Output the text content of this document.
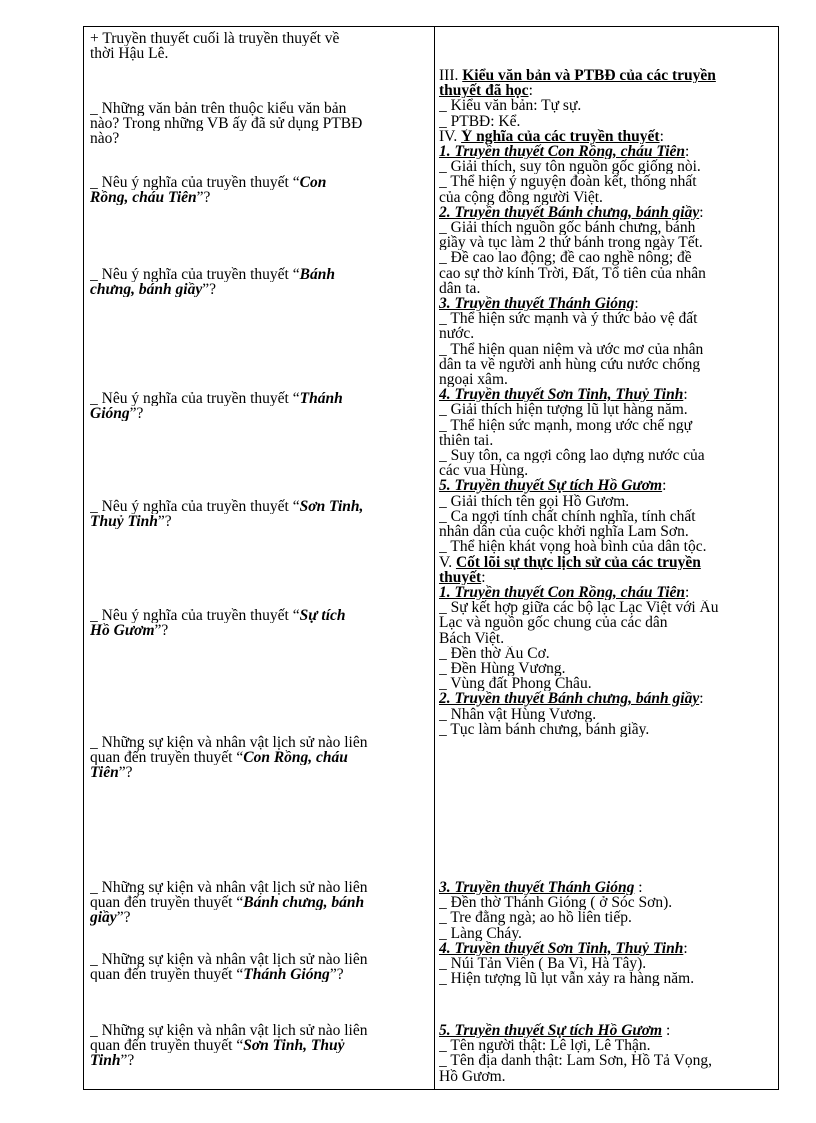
+ Truyền thuyết cuối là truyền thuyết về
thời Hậu Lê.
_ Những văn bản trên thuộc kiểu văn bản
nào? Trong những VB ấy đã sử dụng PTBĐ
nào?
_ Nêu ý nghĩa của truyền thuyết “Con
Rồng, cháu Tiên”?
_ Nêu ý nghĩa của truyền thuyết “Bánh
chưng, bánh giầy”?
_ Nêu ý nghĩa của truyền thuyết “Thánh
Gióng”?
_ Nêu ý nghĩa của truyền thuyết “Sơn Tinh,
Thuỷ Tinh”?
_ Nêu ý nghĩa của truyền thuyết “Sự tích
Hồ Gươm”?
_ Những sự kiện và nhân vật lịch sử nào liên
quan đến truyền thuyết “Con Rồng, cháu
Tiên”?
_ Những sự kiện và nhân vật lịch sử nào liên
quan đến truyền thuyết “Bánh chưng, bánh
giầy”?
_ Những sự kiện và nhân vật lịch sử nào liên
quan đến truyền thuyết “Thánh Gióng”?
_ Những sự kiện và nhân vật lịch sử nào liên
quan đến truyền thuyết “Sơn Tinh, Thuỷ
Tinh”?
III. Kiểu văn bản và PTBĐ của các truyền
thuyết đã học:
_ Kiểu văn bản: Tự sự.
_ PTBĐ: Kể.
IV. Ý nghĩa của các truyền thuyết:
1. Truyền thuyết Con Rồng, cháu Tiên:
_ Giải thích, suy tôn nguồn gốc giống nòi.
_ Thể hiện ý nguyện đoàn kết, thống nhất
của cộng đồng người Việt.
2. Truyền thuyết Bánh chưng, bánh giầy:
_ Giải thích nguồn gốc bánh chưng, bánh
giầy và tục làm 2 thứ bánh trong ngày Tết.
_ Đề cao lao động; đề cao nghề nông; đề
cao sự thờ kính Trời, Đất, Tổ tiên của nhân
dân ta.
3. Truyền thuyết Thánh Gióng:
_ Thể hiện sức mạnh và ý thức bảo vệ đất
nước.
_ Thể hiện quan niệm và ước mơ của nhân
dân ta về người anh hùng cứu nước chống
ngoại xâm.
4. Truyền thuyết Sơn Tinh, Thuỷ Tinh:
_ Giải thích hiện tượng lũ lụt hàng năm.
_ Thể hiện sức mạnh, mong ước chế ngự
thiên tai.
_ Suy tôn, ca ngợi công lao dựng nước của
các vua Hùng.
5. Truyền thuyết Sự tích Hồ Gươm:
_ Giải thích tên gọi Hồ Gươm.
_ Ca ngợi tính chất chính nghĩa, tính chất
nhân dân của cuộc khởi nghĩa Lam Sơn.
_ Thể hiện khát vọng hoà bình của dân tộc.
V. Cốt lõi sự thực lịch sử của các truyền
thuyết:
1. Truyền thuyết Con Rồng, cháu Tiên:
_ Sự kết hợp giữa các bộ lạc Lạc Việt với Âu
Lạc và nguồn gốc chung của các dân
Bách Việt.
_ Đền thờ Âu Cơ.
_ Đền Hùng Vương.
_ Vùng đất Phong Châu.
2. Truyền thuyết Bánh chưng, bánh giầy:
_ Nhân vật Hùng Vương.
_ Tục làm bánh chưng, bánh giầy.
3. Truyền thuyết Thánh Gióng :
_ Đền thờ Thánh Gióng ( ở Sóc Sơn).
_ Tre đằng ngà; ao hồ liên tiếp.
_ Làng Cháy.
4. Truyền thuyết Sơn Tinh, Thuỷ Tinh:
_ Núi Tản Viên ( Ba Vì, Hà Tây).
_ Hiện tượng lũ lụt vẫn xảy ra hàng năm.
5. Truyền thuyết Sự tích Hồ Gươm :
_ Tên người thật: Lê lợi, Lê Thận.
_ Tên địa danh thật: Lam Sơn, Hồ Tả Vọng,
Hồ Gươm.
